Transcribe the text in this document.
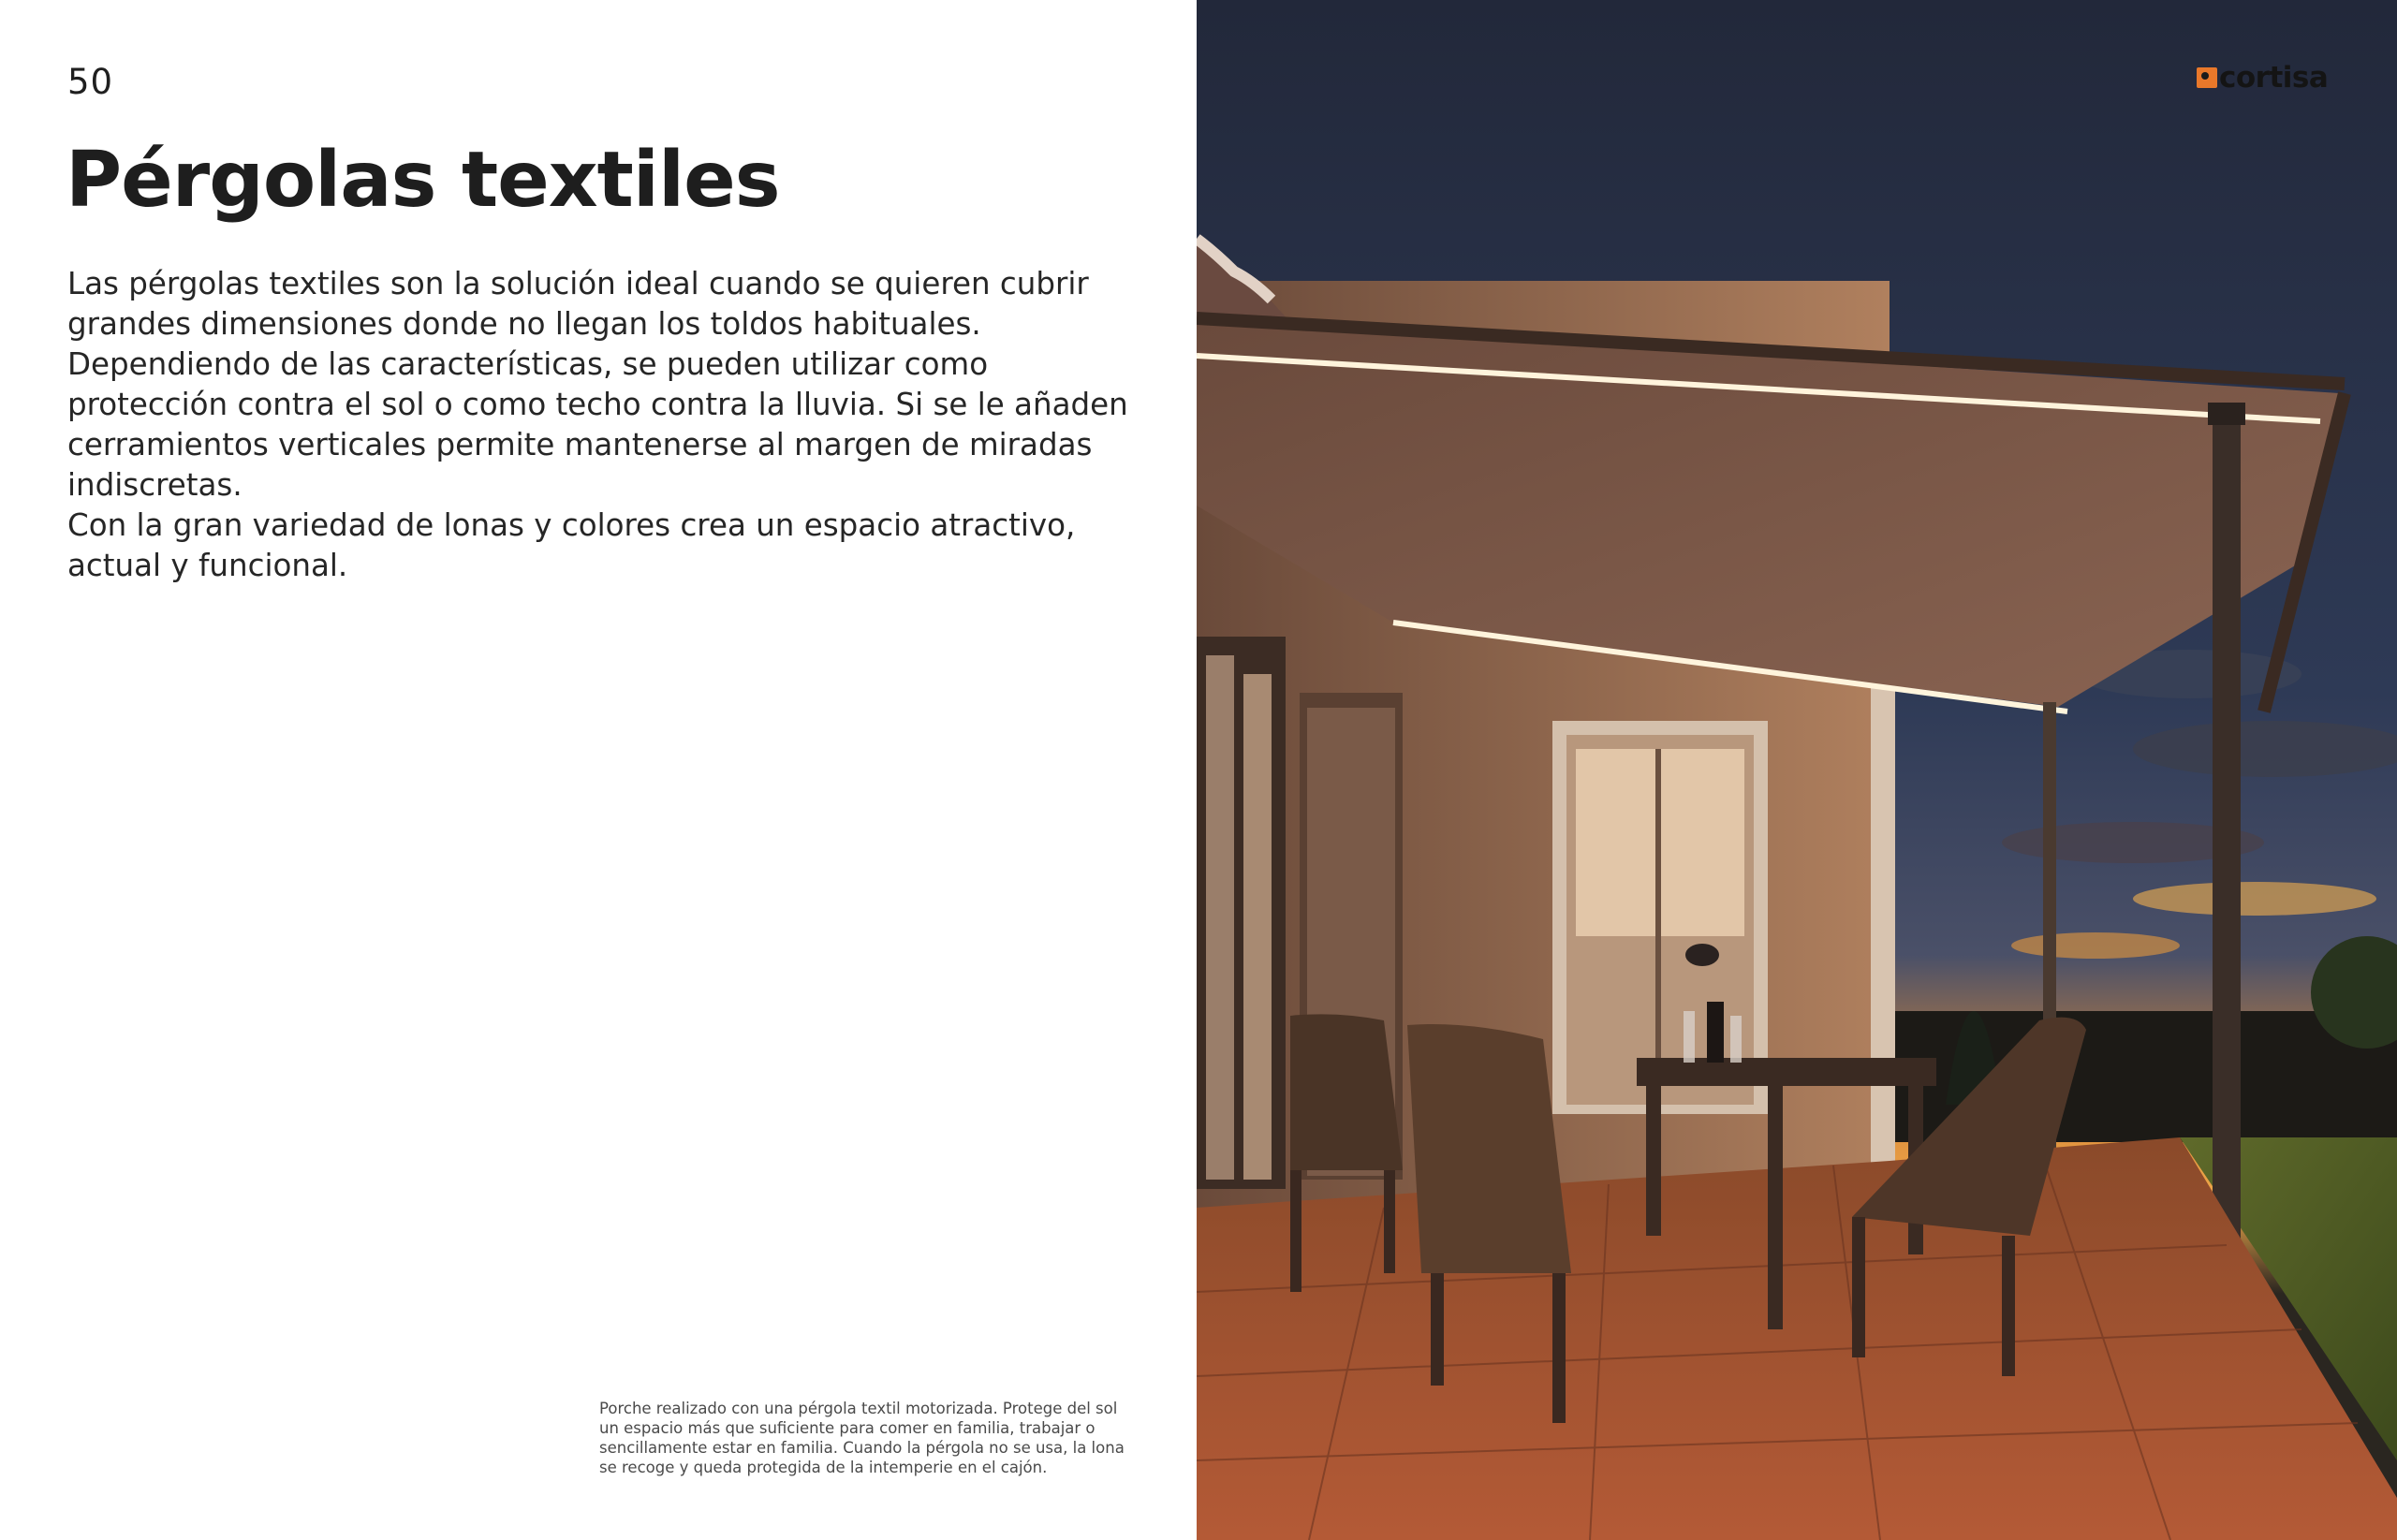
50
Pérgolas textiles

Las pérgolas textiles son la solución ideal cuando se quieren cubrir
grandes dimensiones donde no llegan los toldos habituales.
Dependiendo de las características, se pueden utilizar como
protección contra el sol o como techo contra la lluvia. Si se le añaden
cerramientos verticales permite mantenerse al margen de miradas
indiscretas.
Con la gran variedad de lonas y colores crea un espacio atractivo,
actual y funcional.

Porche realizado con una pérgola textil motorizada. Protege del sol
un espacio más que suficiente para comer en familia, trabajar o
sencillamente estar en familia. Cuando la pérgola no se usa, la lona
se recoge y queda protegida de la intemperie en el cajón.
cortisa
